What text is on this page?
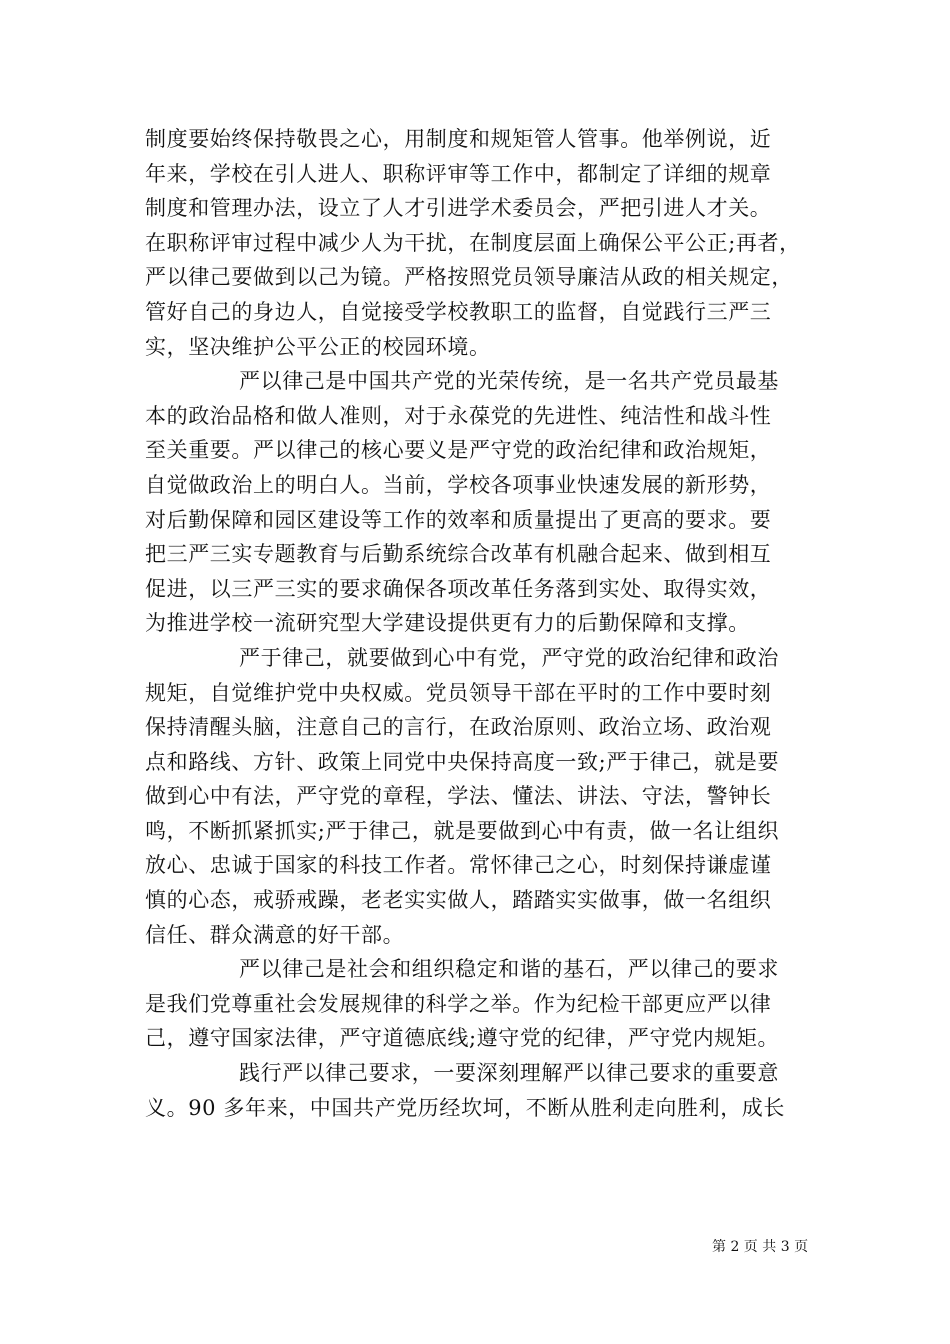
制度要始终保持敬畏之心，用制度和规矩管人管事。他举例说，近
年来，学校在引人进人、职称评审等工作中，都制定了详细的规章
制度和管理办法，设立了人才引进学术委员会，严把引进人才关。
在职称评审过程中减少人为干扰，在制度层面上确保公平公正;再者，
严以律己要做到以己为镜。严格按照党员领导廉洁从政的相关规定，
管好自己的身边人，自觉接受学校教职工的监督，自觉践行三严三
实，坚决维护公平公正的校园环境。
严以律己是中国共产党的光荣传统，是一名共产党员最基
本的政治品格和做人准则，对于永葆党的先进性、纯洁性和战斗性
至关重要。严以律己的核心要义是严守党的政治纪律和政治规矩，
自觉做政治上的明白人。当前，学校各项事业快速发展的新形势，
对后勤保障和园区建设等工作的效率和质量提出了更高的要求。要
把三严三实专题教育与后勤系统综合改革有机融合起来、做到相互
促进，以三严三实的要求确保各项改革任务落到实处、取得实效，
为推进学校一流研究型大学建设提供更有力的后勤保障和支撑。
严于律己，就要做到心中有党，严守党的政治纪律和政治
规矩，自觉维护党中央权威。党员领导干部在平时的工作中要时刻
保持清醒头脑，注意自己的言行，在政治原则、政治立场、政治观
点和路线、方针、政策上同党中央保持高度一致;严于律己，就是要
做到心中有法，严守党的章程，学法、懂法、讲法、守法，警钟长
鸣，不断抓紧抓实;严于律己，就是要做到心中有责，做一名让组织
放心、忠诚于国家的科技工作者。常怀律己之心，时刻保持谦虚谨
慎的心态，戒骄戒躁，老老实实做人，踏踏实实做事，做一名组织
信任、群众满意的好干部。
严以律己是社会和组织稳定和谐的基石，严以律己的要求
是我们党尊重社会发展规律的科学之举。作为纪检干部更应严以律
己，遵守国家法律，严守道德底线;遵守党的纪律，严守党内规矩。
践行严以律己要求，一要深刻理解严以律己要求的重要意
义。90 多年来，中国共产党历经坎坷，不断从胜利走向胜利，成长
第 2 页 共 3 页
